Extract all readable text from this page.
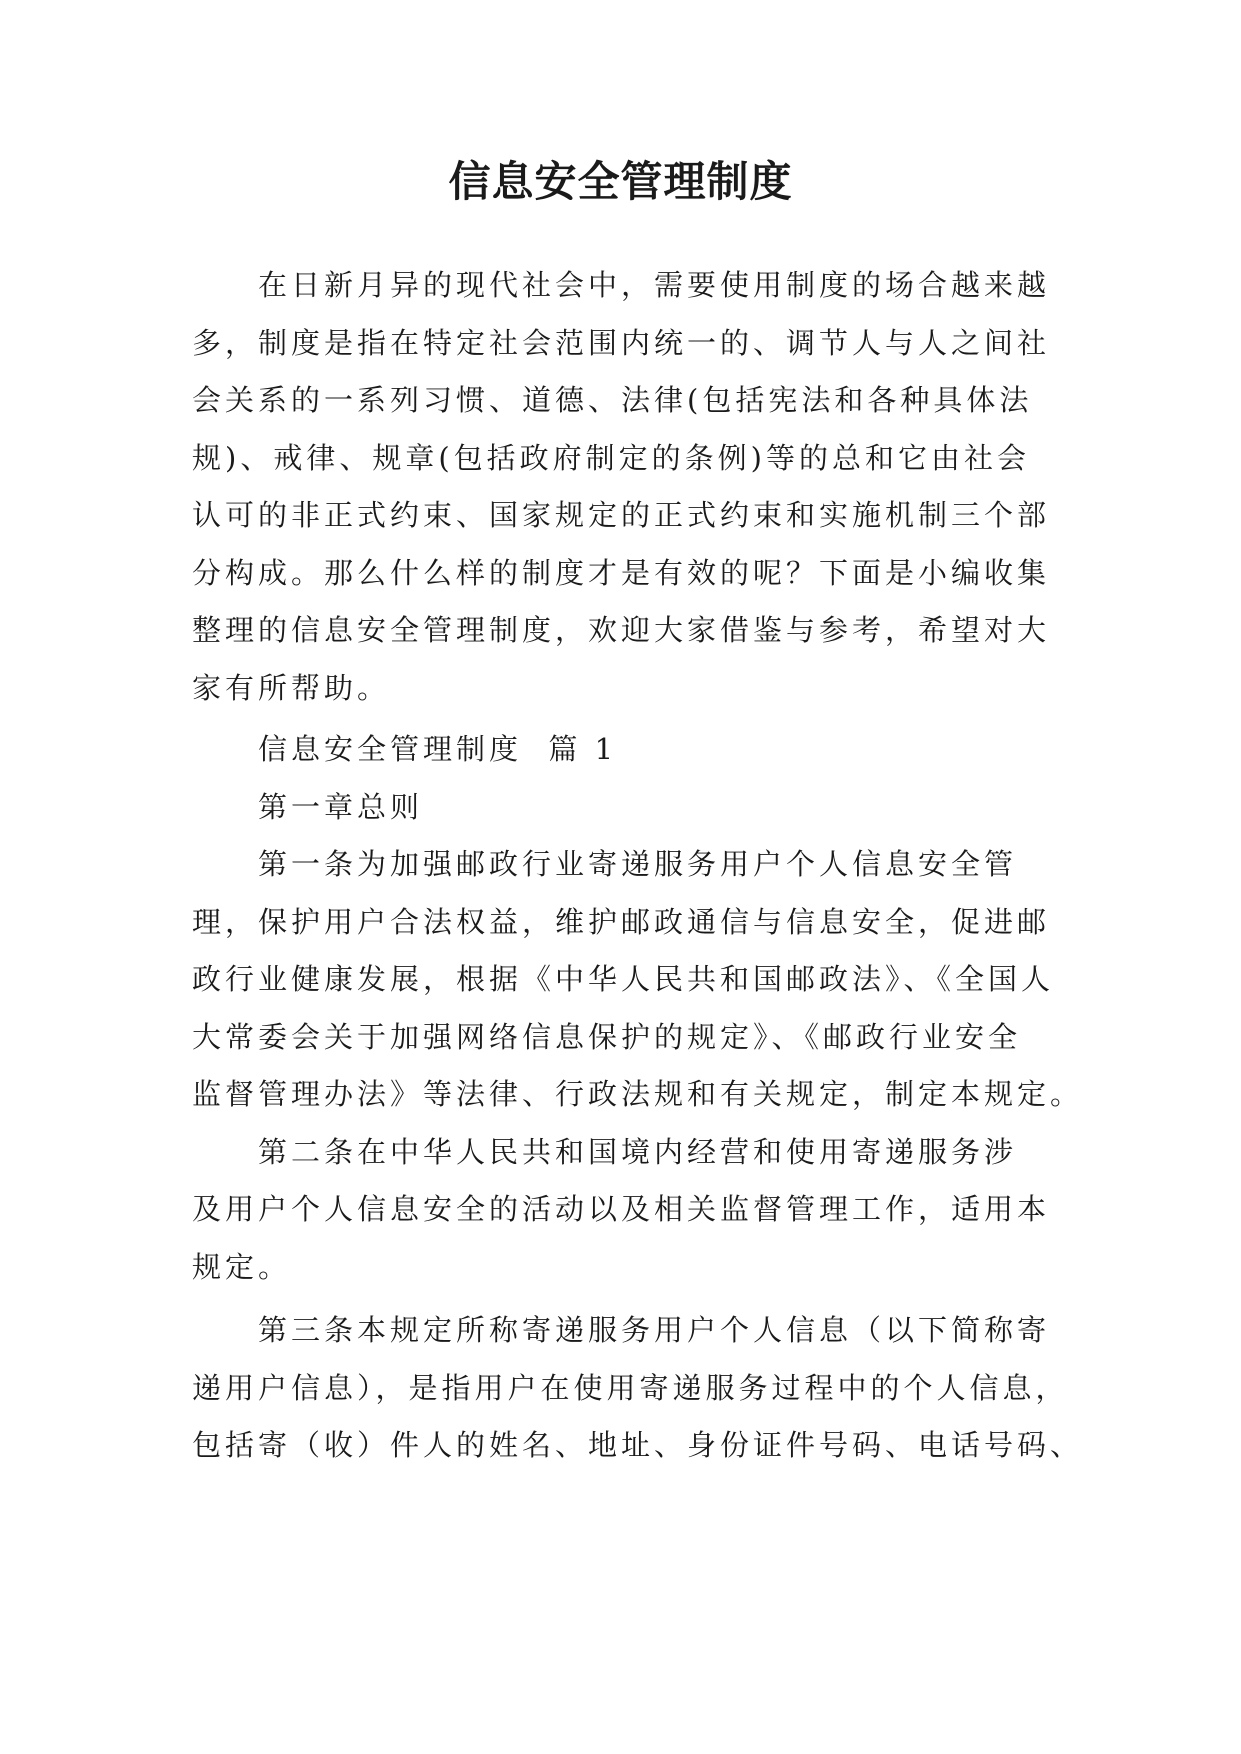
信息安全管理制度
在日新月异的现代社会中，需要使用制度的场合越来越
多，制度是指在特定社会范围内统一的、调节人与人之间社
会关系的一系列习惯、道德、法律(包括宪法和各种具体法
规)、戒律、规章(包括政府制定的条例)等的总和它由社会
认可的非正式约束、国家规定的正式约束和实施机制三个部
分构成。那么什么样的制度才是有效的呢？下面是小编收集
整理的信息安全管理制度，欢迎大家借鉴与参考，希望对大
家有所帮助。
信息安全管理制度  篇 1
第一章总则
第一条为加强邮政行业寄递服务用户个人信息安全管
理，保护用户合法权益，维护邮政通信与信息安全，促进邮
政行业健康发展，根据《中华人民共和国邮政法》、《全国人
大常委会关于加强网络信息保护的规定》、《邮政行业安全
监督管理办法》等法律、行政法规和有关规定，制定本规定。
第二条在中华人民共和国境内经营和使用寄递服务涉
及用户个人信息安全的活动以及相关监督管理工作，适用本
规定。
第三条本规定所称寄递服务用户个人信息（以下简称寄
递用户信息），是指用户在使用寄递服务过程中的个人信息，
包括寄（收）件人的姓名、地址、身份证件号码、电话号码、
